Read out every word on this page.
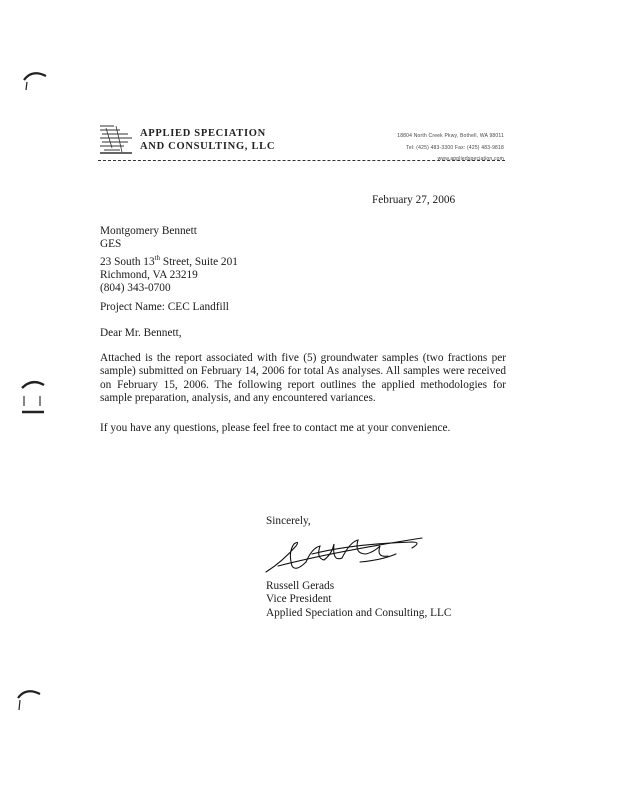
APPLIED SPECIATION
AND CONSULTING, LLC
18804 North Creek Pkwy, Bothell, WA 98011
Tel: (425) 483-3300 Fax: (425) 483-9818
www.appliedspeciation.com
February 27, 2006
Montgomery Bennett
GES
23 South 13th Street, Suite 201
Richmond, VA 23219
(804) 343-0700
Project Name: CEC Landfill
Dear Mr. Bennett,
Attached is the report associated with five (5) groundwater samples (two fractions per sample) submitted on February 14, 2006 for total As analyses. All samples were received on February 15, 2006. The following report outlines the applied methodologies for sample preparation, analysis, and any encountered variances.
If you have any questions, please feel free to contact me at your convenience.
Sincerely,
Russell Gerads
Vice President
Applied Speciation and Consulting, LLC
